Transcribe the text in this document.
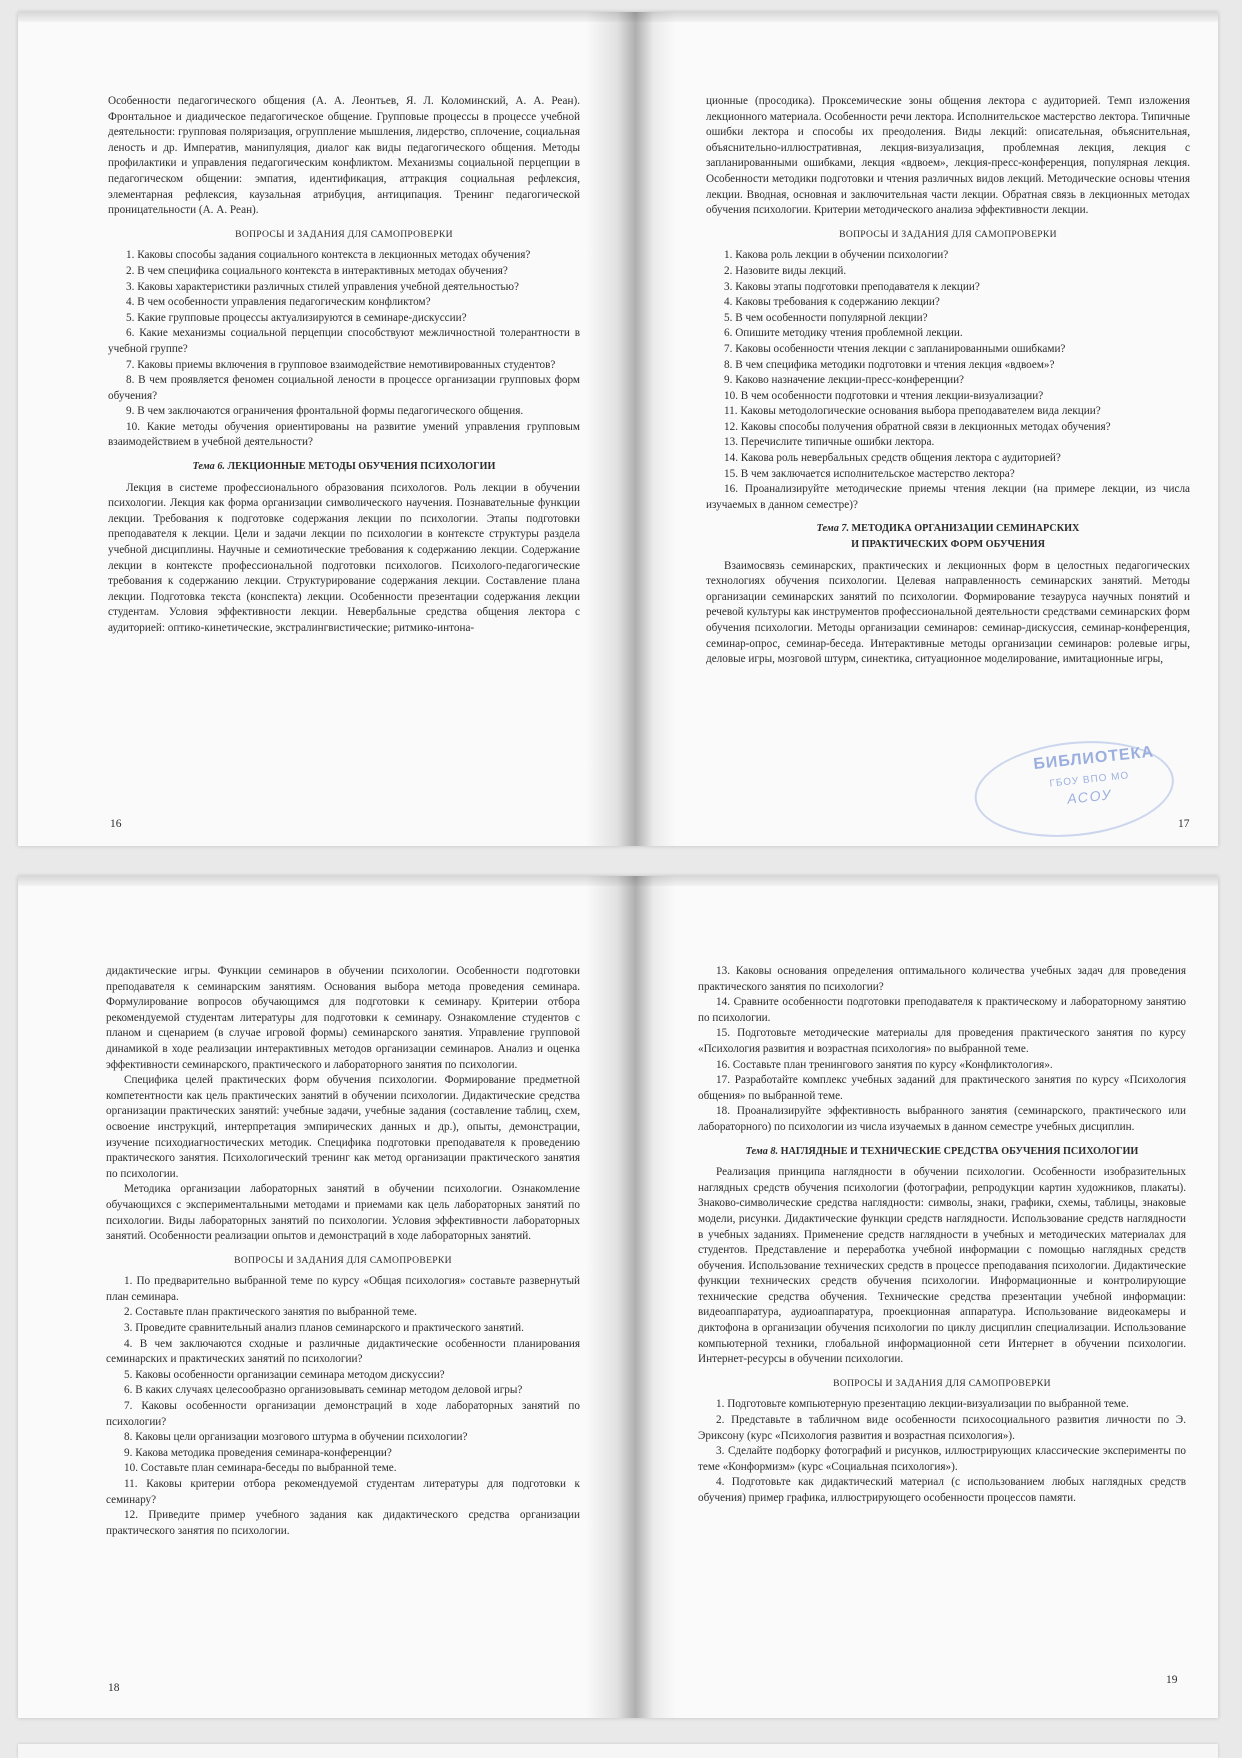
Особенности педагогического общения (А. А. Леонтьев, Я. Л. Коломинский, А. А. Реан). Фронтальное и диадическое педагогическое общение. Групповые процессы в процессе учебной деятельности: групповая поляризация, огруппление мышления, лидерство, сплочение, социальная леность и др. Императив, манипуляция, диалог как виды педагогического общения. Методы профилактики и управления педагогическим конфликтом. Механизмы социальной перцепции в педагогическом общении: эмпатия, идентификация, аттракция социальная рефлексия, элементарная рефлексия, каузальная атрибуция, антиципация. Тренинг педагогической проницательности (А. А. Реан).

ВОПРОСЫ И ЗАДАНИЯ ДЛЯ САМОПРОВЕРКИ

1. Каковы способы задания социального контекста в лекционных методах обучения?

2. В чем специфика социального контекста в интерактивных методах обучения?

3. Каковы характеристики различных стилей управления учебной деятельностью?

4. В чем особенности управления педагогическим конфликтом?

5. Какие групповые процессы актуализируются в семинаре-дискуссии?

6. Какие механизмы социальной перцепции способствуют межличностной толерантности в учебной группе?

7. Каковы приемы включения в групповое взаимодействие немотивированных студентов?

8. В чем проявляется феномен социальной лености в процессе организации групповых форм обучения?

9. В чем заключаются ограничения фронтальной формы педагогического общения.

10. Какие методы обучения ориентированы на развитие умений управления групповым взаимодействием в учебной деятельности?

Тема 6. ЛЕКЦИОННЫЕ МЕТОДЫ ОБУЧЕНИЯ ПСИХОЛОГИИ

Лекция в системе профессионального образования психологов. Роль лекции в обучении психологии. Лекция как форма организации символического научения. Познавательные функции лекции. Требования к подготовке содержания лекции по психологии. Этапы подготовки преподавателя к лекции. Цели и задачи лекции по психологии в контексте структуры раздела учебной дисциплины. Научные и семиотические требования к содержанию лекции. Содержание лекции в контексте профессиональной подготовки психологов. Психолого-педагогические требования к содержанию лекции. Структурирование содержания лекции. Составление плана лекции. Подготовка текста (конспекта) лекции. Особенности презентации содержания лекции студентам. Условия эффективности лекции. Невербальные средства общения лектора с аудиторией: оптико-кинетические, экстралингвистические; ритмико-интона-

16

ционные (просодика). Проксемические зоны общения лектора с аудиторией. Темп изложения лекционного материала. Особенности речи лектора. Исполнительское мастерство лектора. Типичные ошибки лектора и способы их преодоления. Виды лекций: описательная, объяснительная, объяснительно-иллюстративная, лекция-визуализация, проблемная лекция, лекция с запланированными ошибками, лекция «вдвоем», лекция-пресс-конференция, популярная лекция. Особенности методики подготовки и чтения различных видов лекций. Методические основы чтения лекции. Вводная, основная и заключительная части лекции. Обратная связь в лекционных методах обучения психологии. Критерии методического анализа эффективности лекции.

ВОПРОСЫ И ЗАДАНИЯ ДЛЯ САМОПРОВЕРКИ

1. Какова роль лекции в обучении психологии?

2. Назовите виды лекций.

3. Каковы этапы подготовки преподавателя к лекции?

4. Каковы требования к содержанию лекции?

5. В чем особенности популярной лекции?

6. Опишите методику чтения проблемной лекции.

7. Каковы особенности чтения лекции с запланированными ошибками?

8. В чем специфика методики подготовки и чтения лекция «вдвоем»?

9. Каково назначение лекции-пресс-конференции?

10. В чем особенности подготовки и чтения лекции-визуализации?

11. Каковы методологические основания выбора преподавателем вида лекции?

12. Каковы способы получения обратной связи в лекционных методах обучения?

13. Перечислите типичные ошибки лектора.

14. Какова роль невербальных средств общения лектора с аудиторией?

15. В чем заключается исполнительское мастерство лектора?

16. Проанализируйте методические приемы чтения лекции (на примере лекции, из числа изучаемых в данном семестре)?

Тема 7. МЕТОДИКА ОРГАНИЗАЦИИ СЕМИНАРСКИХ
И ПРАКТИЧЕСКИХ ФОРМ ОБУЧЕНИЯ

Взаимосвязь семинарских, практических и лекционных форм в целостных педагогических технологиях обучения психологии. Целевая направленность семинарских занятий. Методы организации семинарских занятий по психологии. Формирование тезауруса научных понятий и речевой культуры как инструментов профессиональной деятельности средствами семинарских форм обучения психологии. Методы организации семинаров: семинар-дискуссия, семинар-конференция, семинар-опрос, семинар-беседа. Интерактивные методы организации семинаров: ролевые игры, деловые игры, мозговой штурм, синектика, ситуационное моделирование, имитационные игры,

17
БИБЛИОТЕКА
ГБОУ ВПО МО
АСОУ

дидактические игры. Функции семинаров в обучении психологии. Особенности подготовки преподавателя к семинарским занятиям. Основания выбора метода проведения семинара. Формулирование вопросов обучающимся для подготовки к семинару. Критерии отбора рекомендуемой студентам литературы для подготовки к семинару. Ознакомление студентов с планом и сценарием (в случае игровой формы) семинарского занятия. Управление групповой динамикой в ходе реализации интерактивных методов организации семинаров. Анализ и оценка эффективности семинарского, практического и лабораторного занятия по психологии.

Специфика целей практических форм обучения психологии. Формирование предметной компетентности как цель практических занятий в обучении психологии. Дидактические средства организации практических занятий: учебные задачи, учебные задания (составление таблиц, схем, освоение инструкций, интерпретация эмпирических данных и др.), опыты, демонстрации, изучение психодиагностических методик. Специфика подготовки преподавателя к проведению практического занятия. Психологический тренинг как метод организации практического занятия по психологии.

Методика организации лабораторных занятий в обучении психологии. Ознакомление обучающихся с экспериментальными методами и приемами как цель лабораторных занятий по психологии. Виды лабораторных занятий по психологии. Условия эффективности лабораторных занятий. Особенности реализации опытов и демонстраций в ходе лабораторных занятий.

ВОПРОСЫ И ЗАДАНИЯ ДЛЯ САМОПРОВЕРКИ

1. По предварительно выбранной теме по курсу «Общая психология» составьте развернутый план семинара.

2. Составьте план практического занятия по выбранной теме.

3. Проведите сравнительный анализ планов семинарского и практического занятий.

4. В чем заключаются сходные и различные дидактические особенности планирования семинарских и практических занятий по психологии?

5. Каковы особенности организации семинара методом дискуссии?

6. В каких случаях целесообразно организовывать семинар методом деловой игры?

7. Каковы особенности организации демонстраций в ходе лабораторных занятий по психологии?

8. Каковы цели организации мозгового штурма в обучении психологии?

9. Какова методика проведения семинара-конференции?

10. Составьте план семинара-беседы по выбранной теме.

11. Каковы критерии отбора рекомендуемой студентам литературы для подготовки к семинару?

12. Приведите пример учебного задания как дидактического средства организации практического занятия по психологии.

18

13. Каковы основания определения оптимального количества учебных задач для проведения практического занятия по психологии?

14. Сравните особенности подготовки преподавателя к практическому и лабораторному занятию по психологии.

15. Подготовьте методические материалы для проведения практического занятия по курсу «Психология развития и возрастная психология» по выбранной теме.

16. Составьте план тренингового занятия по курсу «Конфликтология».

17. Разработайте комплекс учебных заданий для практического занятия по курсу «Психология общения» по выбранной теме.

18. Проанализируйте эффективность выбранного занятия (семинарского, практического или лабораторного) по психологии из числа изучаемых в данном семестре учебных дисциплин.

Тема 8. НАГЛЯДНЫЕ И ТЕХНИЧЕСКИЕ СРЕДСТВА ОБУЧЕНИЯ ПСИХОЛОГИИ

Реализация принципа наглядности в обучении психологии. Особенности изобразительных наглядных средств обучения психологии (фотографии, репродукции картин художников, плакаты). Знаково-символические средства наглядности: символы, знаки, графики, схемы, таблицы, знаковые модели, рисунки. Дидактические функции средств наглядности. Использование средств наглядности в учебных заданиях. Применение средств наглядности в учебных и методических материалах для студентов. Представление и переработка учебной информации с помощью наглядных средств обучения. Использование технических средств в процессе преподавания психологии. Дидактические функции технических средств обучения психологии. Информационные и контролирующие технические средства обучения. Технические средства презентации учебной информации: видеоаппаратура, аудиоаппаратура, проекционная аппаратура. Использование видеокамеры и диктофона в организации обучения психологии по циклу дисциплин специализации. Использование компьютерной техники, глобальной информационной сети Интернет в обучении психологии. Интернет-ресурсы в обучении психологии.

ВОПРОСЫ И ЗАДАНИЯ ДЛЯ САМОПРОВЕРКИ

1. Подготовьте компьютерную презентацию лекции-визуализации по выбранной теме.

2. Представьте в табличном виде особенности психосоциального развития личности по Э. Эриксону (курс «Психология развития и возрастная психология»).

3. Сделайте подборку фотографий и рисунков, иллюстрирующих классические эксперименты по теме «Конформизм» (курс «Социальная психология»).

4. Подготовьте как дидактический материал (с использованием любых наглядных средств обучения) пример графика, иллюстрирующего особенности процессов памяти.

19
